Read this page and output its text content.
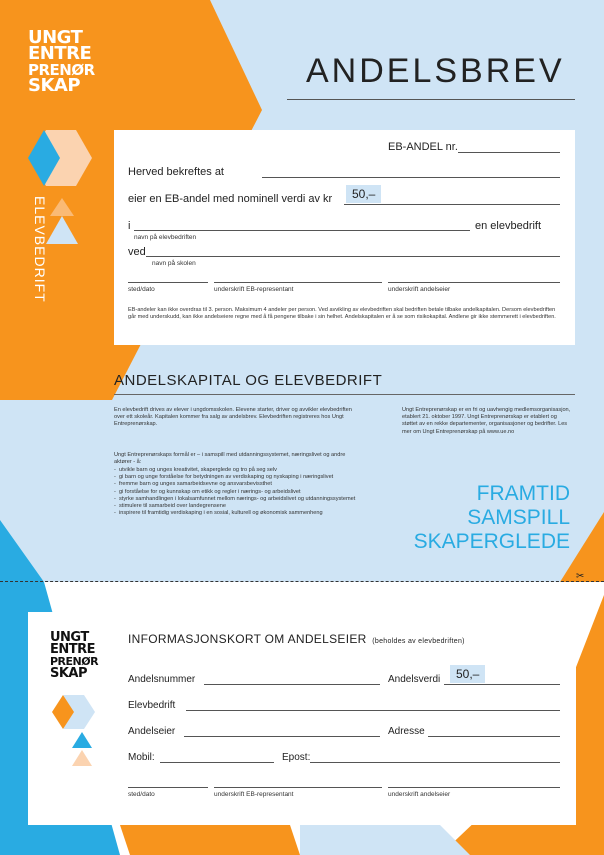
✂
UNGT
ENTRE
PRENØR
SKAP
ELEVBEDRIFT
ANDELSBREV
EB-ANDEL nr.
Herved bekreftes at
eier en EB-andel med nominell verdi av kr	50,–
i	en elevbedrift
navn på elevbedriften
ved
navn på skolen
sted/dato	underskrift EB-representant	underskrift andelseier
EB-andeler kan ikke overdras til 3. person. Maksimum 4 andeler per person. Ved avvikling av elevbedriften skal bedriften betale tilbake andelkapitalen. Dersom elevbedriften går med underskudd, kan ikke andelseiere regne med å få pengene tilbake i sin helhet. Andelskapitalen er å se som risikokapital. Andlene gir ikke stemmerett i elevbedriften.
ANDELSKAPITAL OG ELEVBEDRIFT
En elevbedrift drives av elever i ungdomsskolen. Elevene starter, driver og avvikler elevbedriften over ett skoleår. Kapitalen kommer fra salg av andelsbrev. Elevbedriften registreres hos Ungt Entreprenørskap.
Ungt Entreprenørskaps formål er – i samspill med utdanningssystemet, næringslivet og andre aktører - å:
-  utvikle barn og unges kreativitet, skaperglede og tro på seg selv
-  gi barn og unge forståelse for betydningen av verdiskaping og nyskaping i næringslivet
-  fremme barn og unges samarbeidsevne og ansvarsbevissthet
-  gi forståelse for og kunnskap om etikk og regler i nærings- og arbeidslivet
-  styrke samhandlingen i lokalsamfunnet mellom nærings- og arbeidslivet og utdanningssystemet
-  stimulere til samarbeid over landegrensene
-  inspirere til framtidig verdiskaping i en sosial, kulturell og økonomisk sammenheng
Ungt Entreprenørskap er en fri og uavhengig medlemsorganisasjon, etablert 21. oktober 1997. Ungt Entreprenørskap er etablert og støttet av en rekke departementer, organisasjoner og bedrifter. Les mer om Ungt Entreprenørskap på www.ue.no
FRAMTID
SAMSPILL
SKAPERGLEDE
UNGT
ENTRE
PRENØR
SKAP
INFORMASJONSKORT OM ANDELSEIER (beholdes av elevbedriften)
Andelsnummer	Andelsverdi	50,–
Elevbedrift
Andelseier	Adresse
Mobil:	Epost:
sted/dato	underskrift EB-representant	underskrift andelseier
